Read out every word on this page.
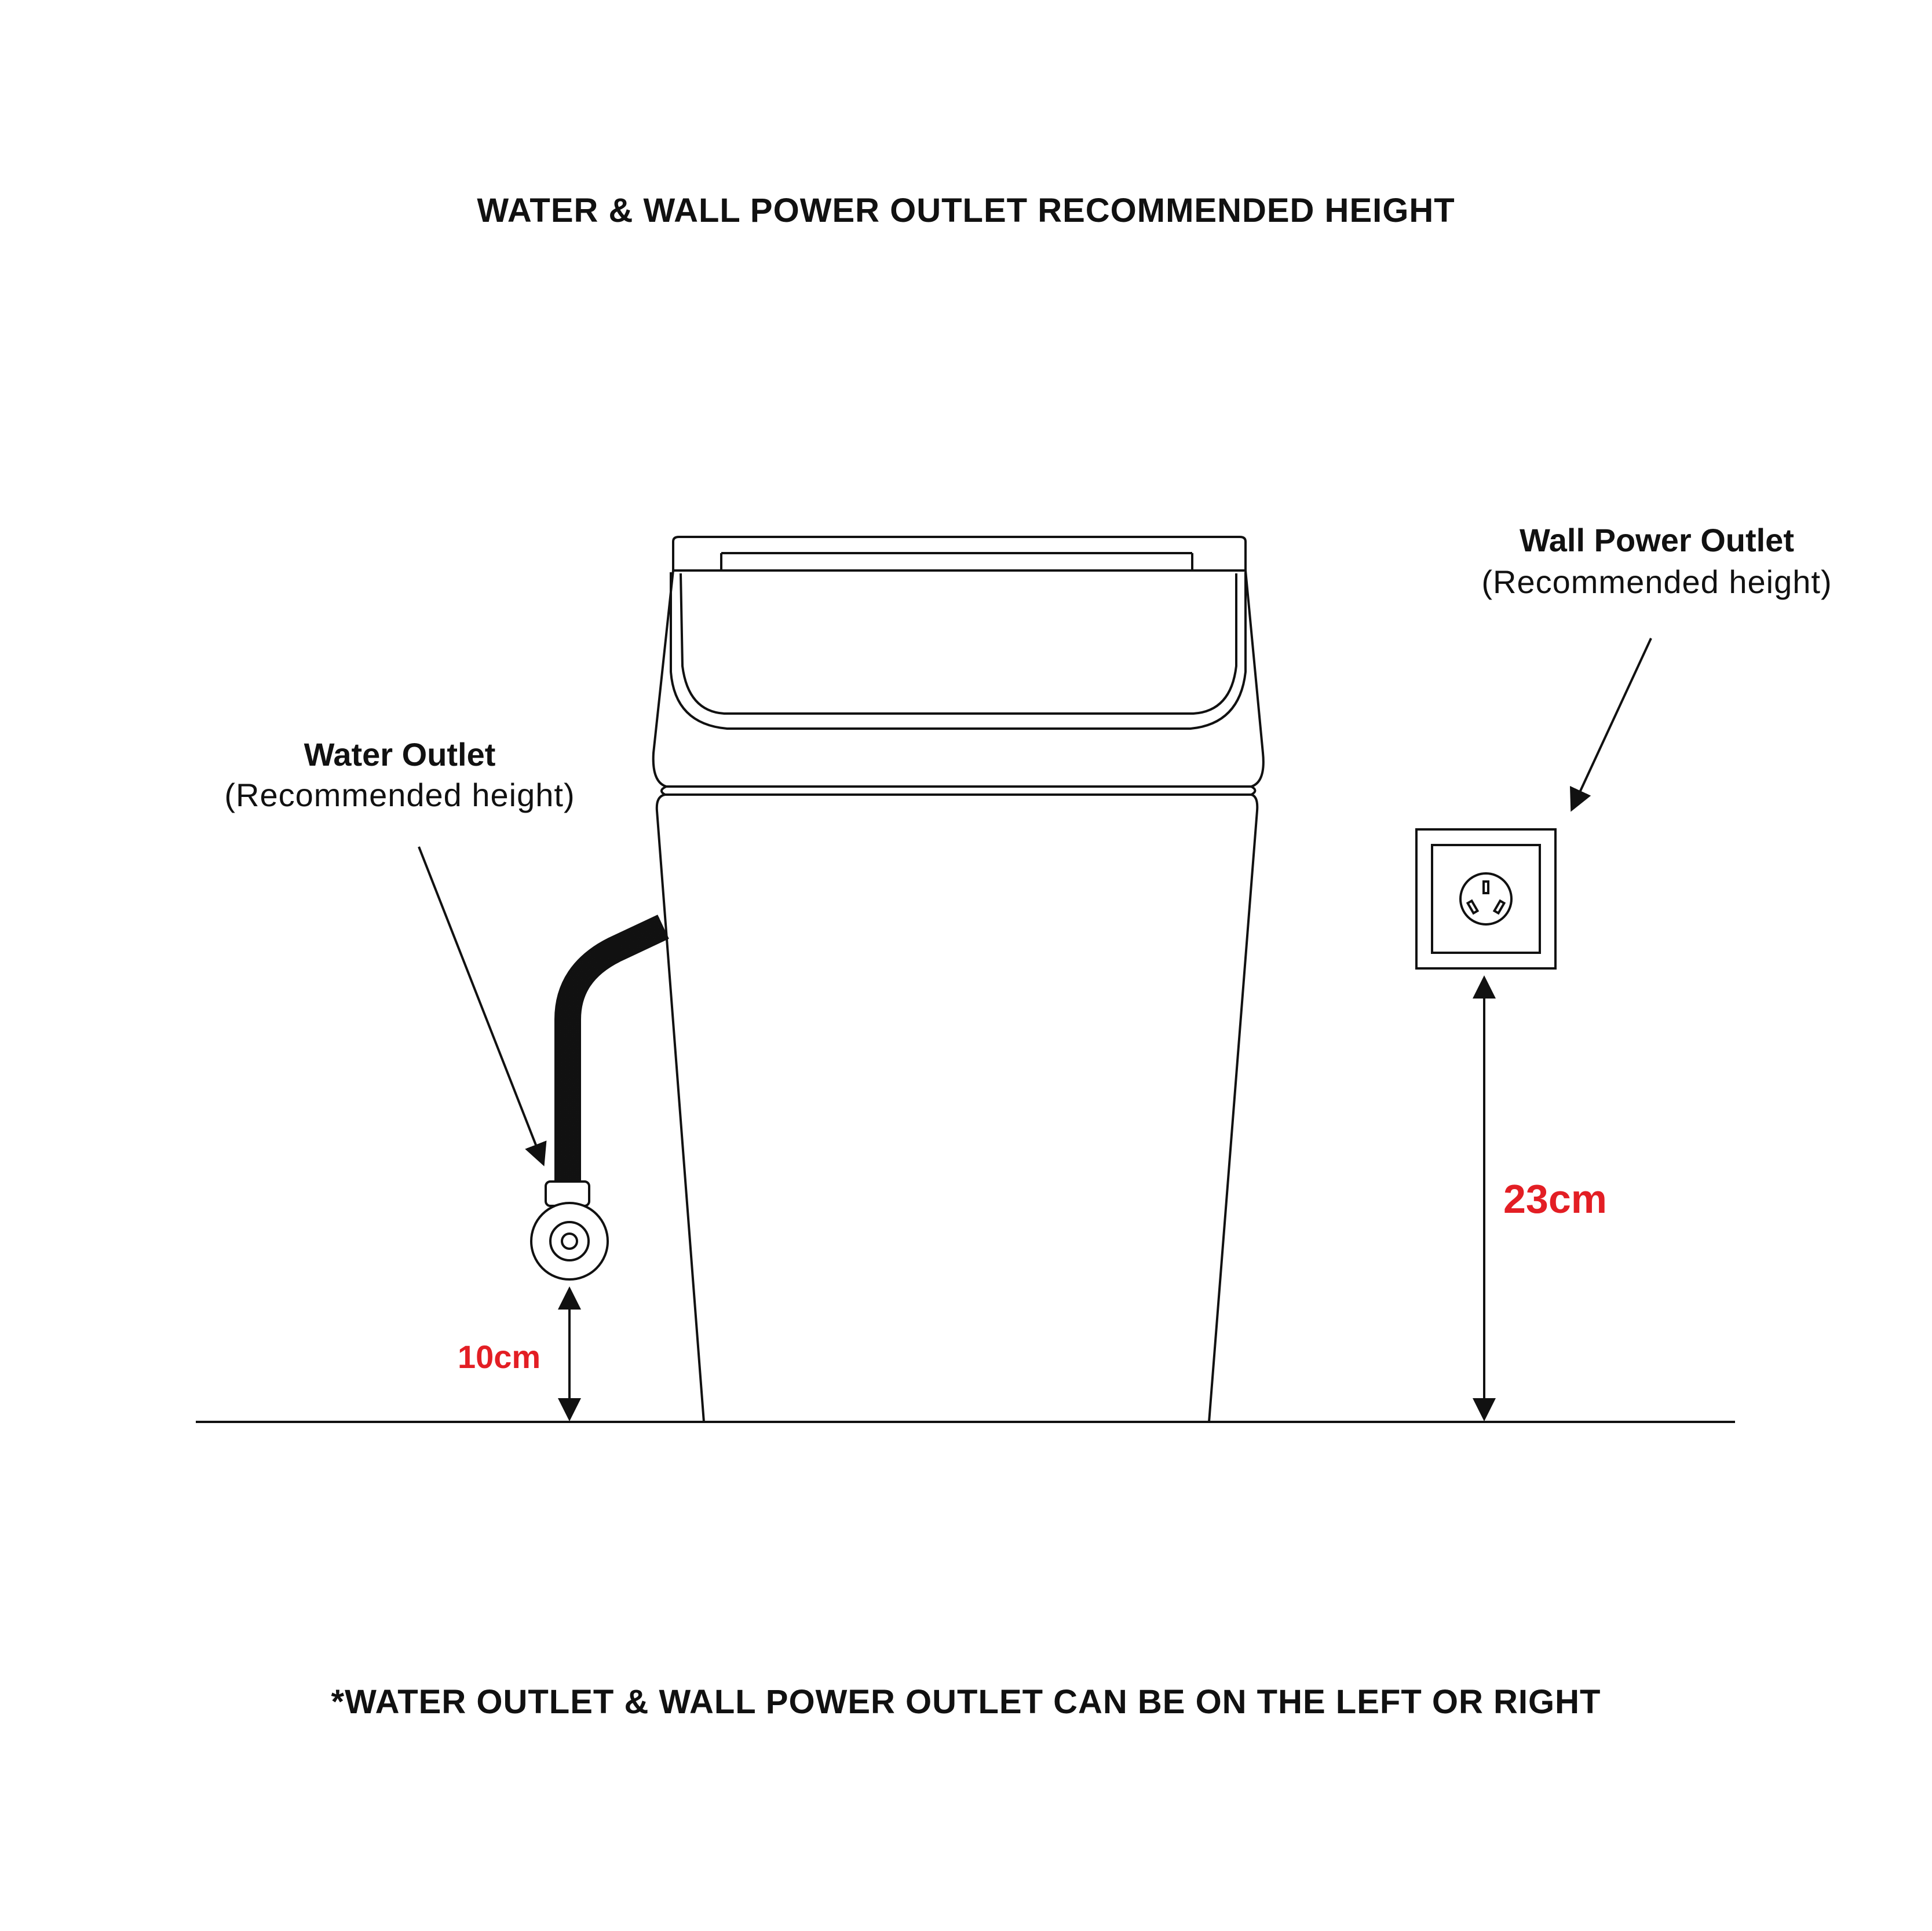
WATER & WALL POWER OUTLET RECOMMENDED HEIGHT
Water Outlet
(Recommended height)
Wall Power Outlet
(Recommended height)
10cm
23cm
*WATER OUTLET & WALL POWER OUTLET CAN BE ON THE LEFT OR RIGHT
